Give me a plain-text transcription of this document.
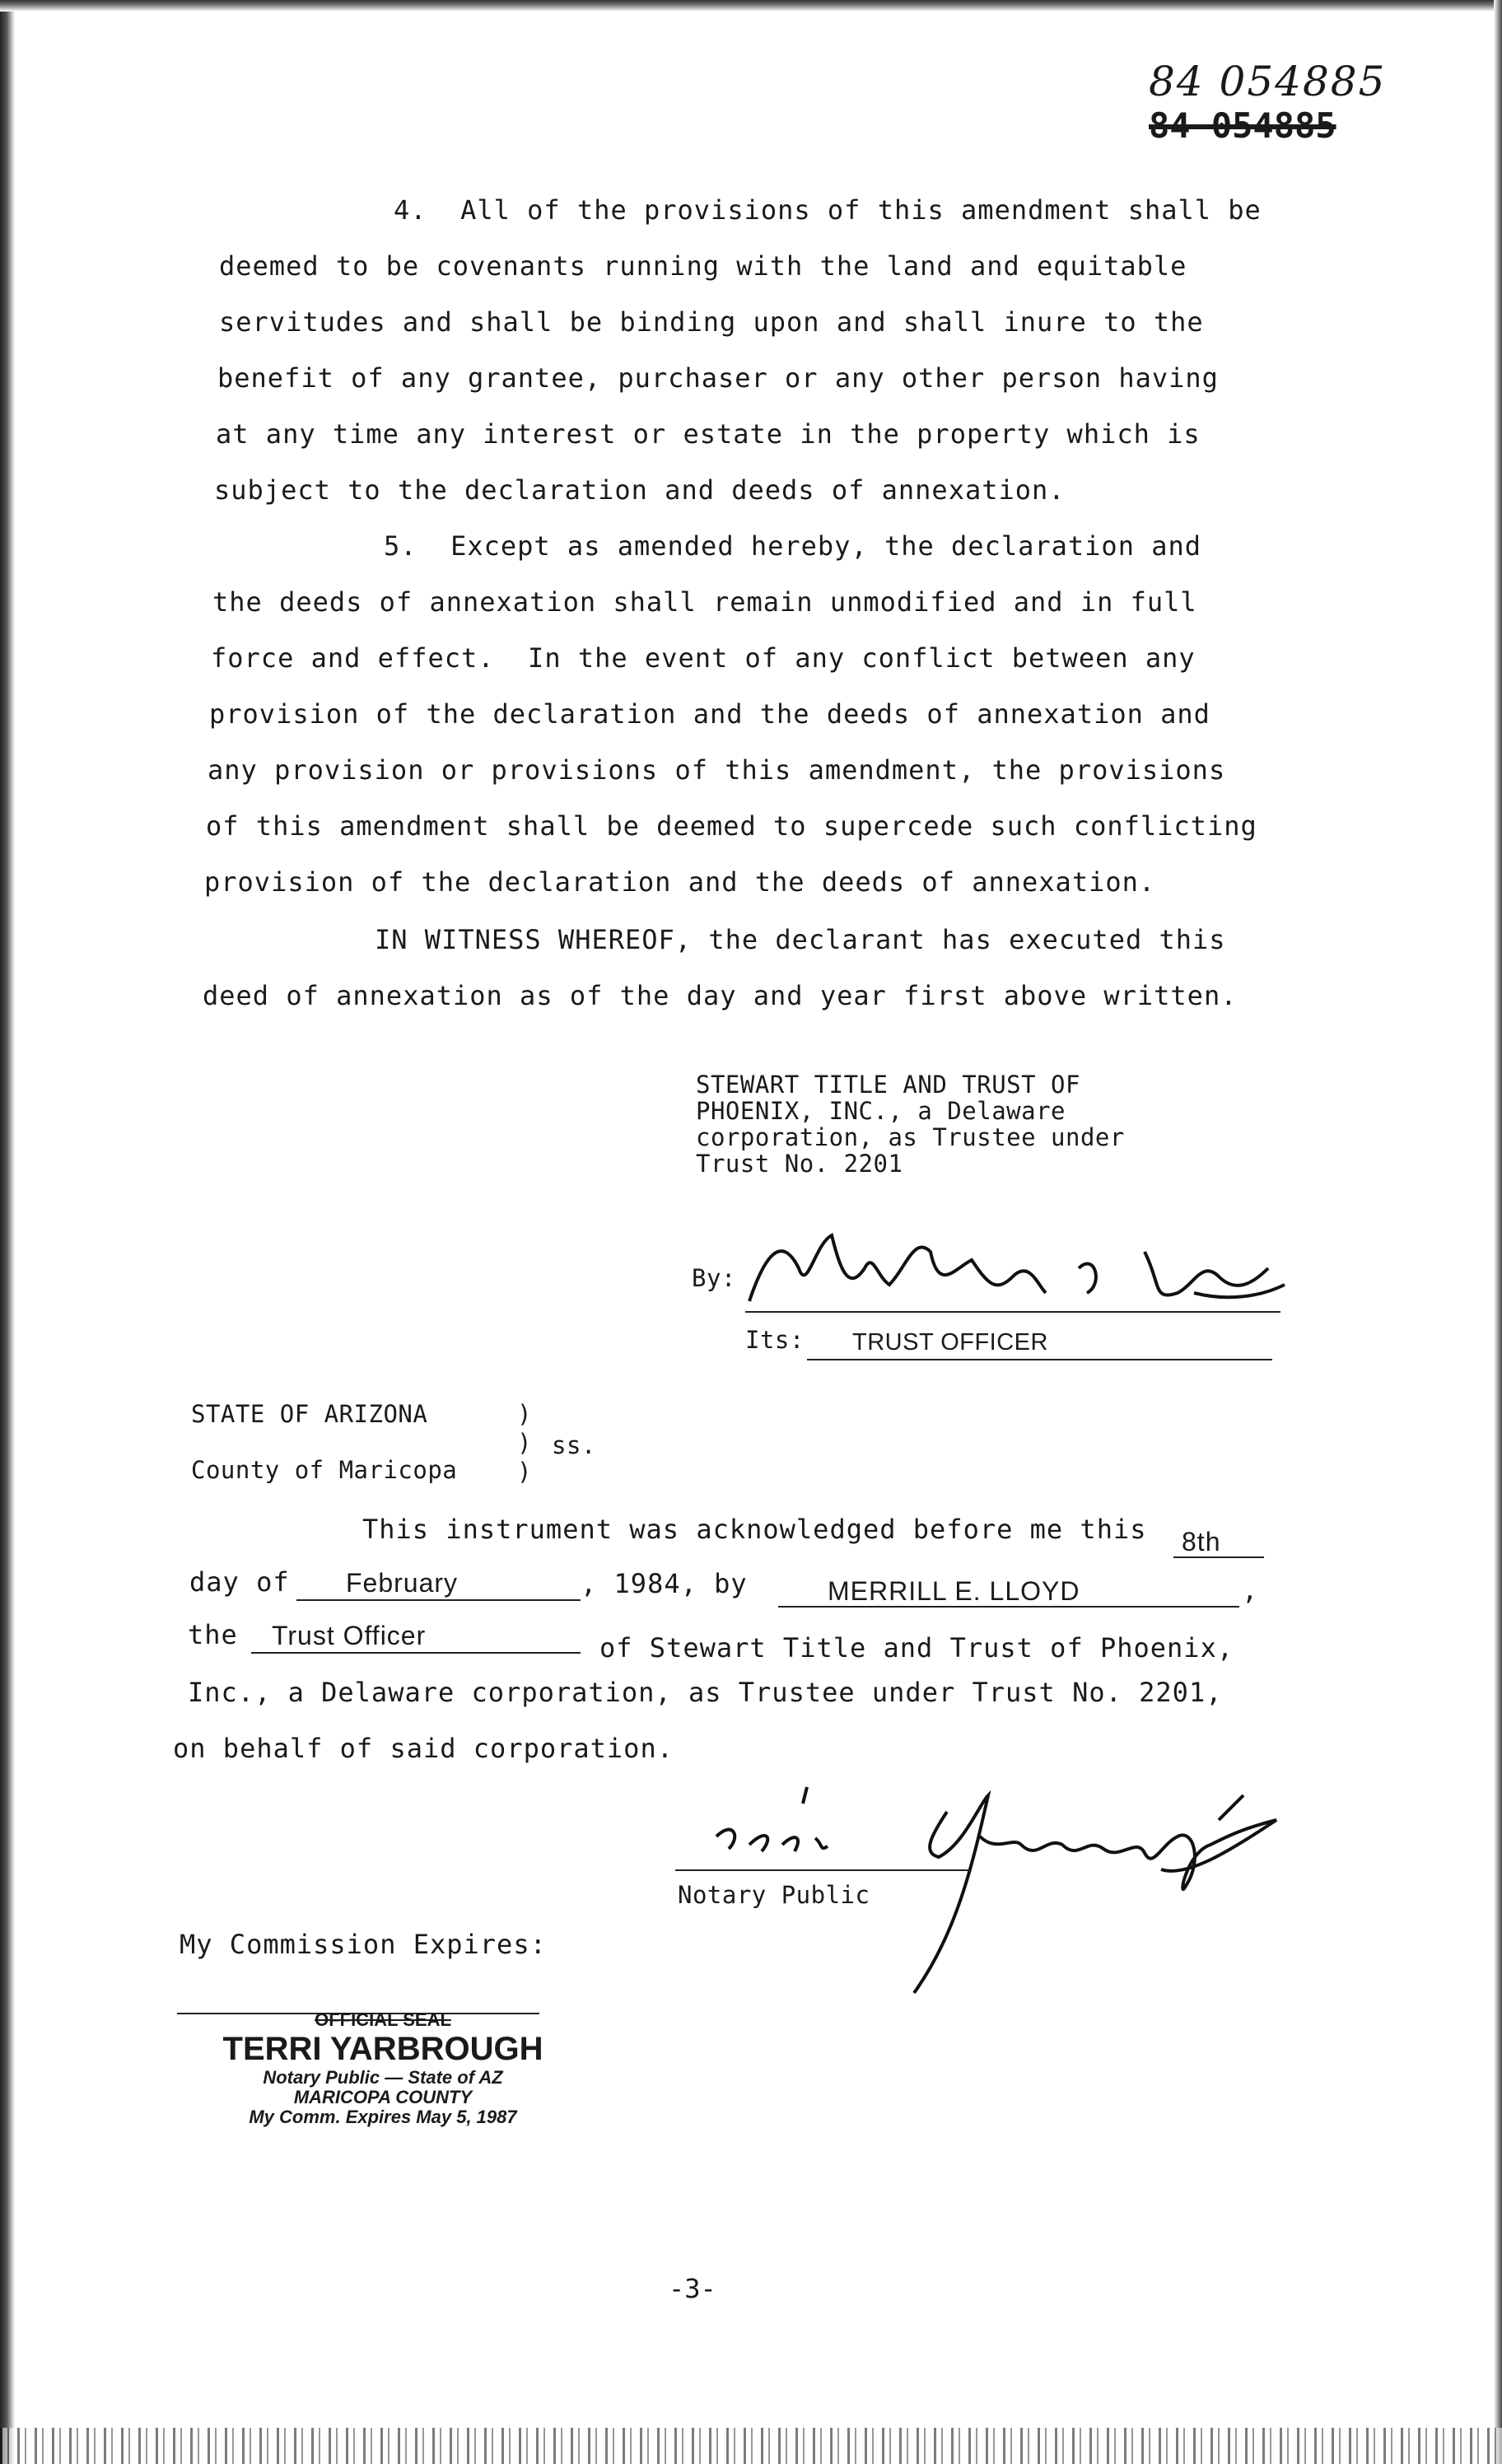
84 054885
84 054885
4.  All of the provisions of this amendment shall be
deemed to be covenants running with the land and equitable
servitudes and shall be binding upon and shall inure to the
benefit of any grantee, purchaser or any other person having
at any time any interest or estate in the property which is
subject to the declaration and deeds of annexation.
5.  Except as amended hereby, the declaration and
the deeds of annexation shall remain unmodified and in full
force and effect.  In the event of any conflict between any
provision of the declaration and the deeds of annexation and
any provision or provisions of this amendment, the provisions
of this amendment shall be deemed to supercede such conflicting
provision of the declaration and the deeds of annexation.
IN WITNESS WHEREOF, the declarant has executed this
deed of annexation as of the day and year first above written.
STEWART TITLE AND TRUST OF
PHOENIX, INC., a Delaware
corporation, as Trustee under
Trust No. 2201
By:
Its: TRUST OFFICER
STATE OF ARIZONA	)
) ss.
County of Maricopa	)
This instrument was acknowledged before me this 8th
day of February	, 1984, by	MERRILL E. LLOYD	,
the Trust Officer	of Stewart Title and Trust of Phoenix,
Inc., a Delaware corporation, as Trustee under Trust No. 2201,
on behalf of said corporation.
Notary Public
My Commission Expires:
OFFICIAL SEAL
TERRI YARBROUGH
Notary Public — State of AZ
MARICOPA COUNTY
My Comm. Expires May 5, 1987
-3-
